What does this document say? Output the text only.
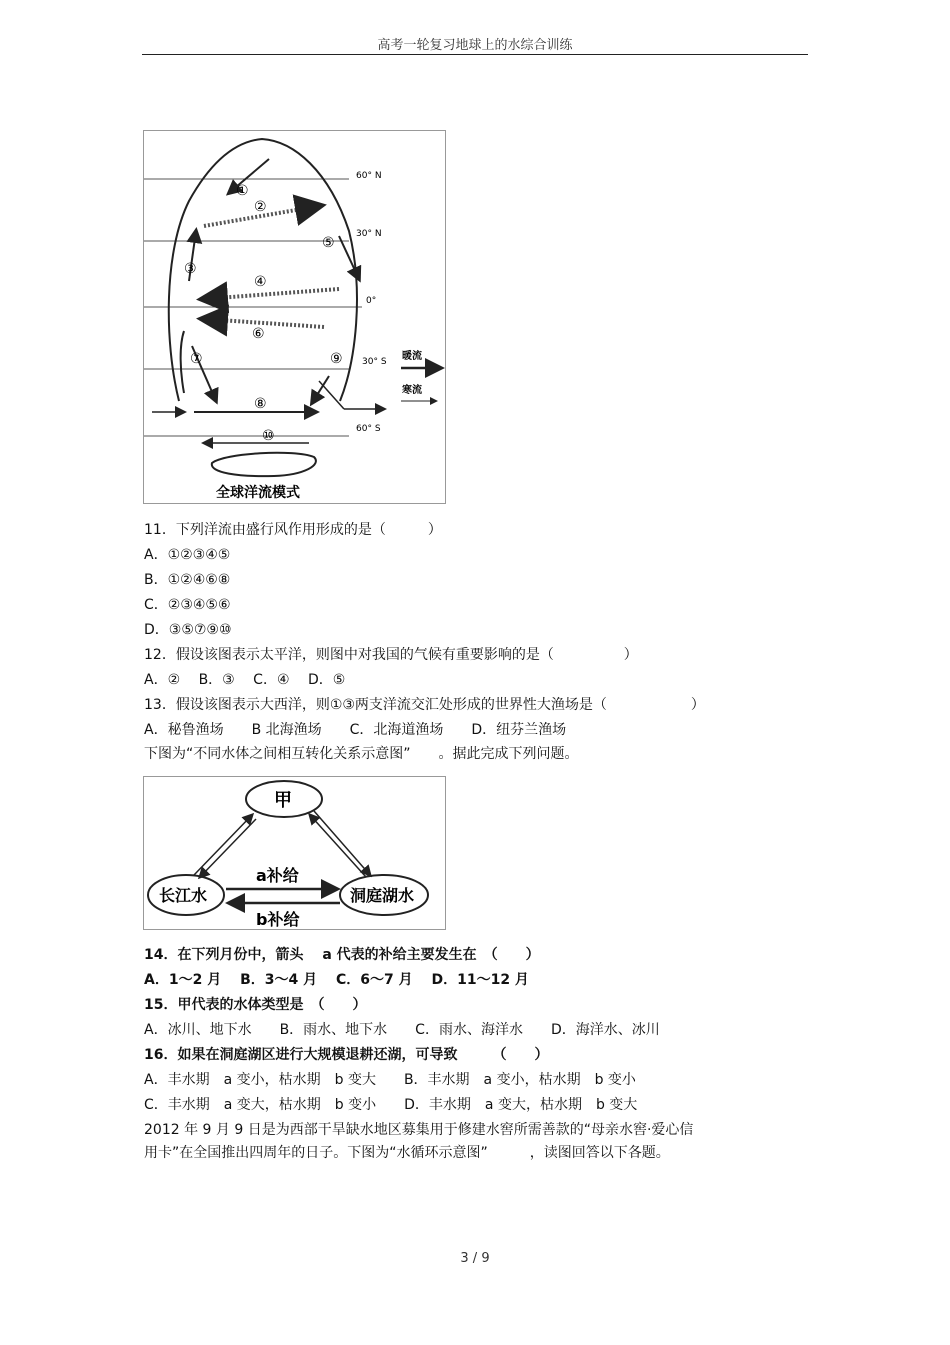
高考一轮复习地球上的水综合训练
①
②
③
④
⑤
⑥
⑦
⑧
⑨
⑩
60° N
30° N
0°
30° S
60° S
暖流
寒流
全球洋流模式
11．下列洋流由盛行风作用形成的是（　　　）
A．①②③④⑤
B．①②④⑥⑧
C．②③④⑤⑥
D．③⑤⑦⑨⑩
12．假设该图表示太平洋，则图中对我国的气候有重要影响的是（　　　　　）
A．②　 B．③　 C．④　 D．⑤
13．假设该图表示大西洋，则①③两支洋流交汇处形成的世界性大渔场是（　　　　　　）
A．秘鲁渔场　　B 北海渔场　　C．北海道渔场　　D．纽芬兰渔场
下图为“不同水体之间相互转化关系示意图”　　。据此完成下列问题。
甲
长江水	洞庭湖水
a补给
b补给
14．在下列月份中，箭头　 a 代表的补给主要发生在　（　　）
A．1～2 月　 B．3～4 月　 C．6～7 月　 D．11～12 月
15．甲代表的水体类型是　（　　）
A．冰川、地下水　　B．雨水、地下水　　C．雨水、海洋水　　D．海洋水、冰川
16．如果在洞庭湖区进行大规模退耕还湖，可导致　　　（　　）
A．丰水期　a 变小，枯水期　b 变大　　B．丰水期　a 变小，枯水期　b 变小
C．丰水期　a 变大，枯水期　b 变小　　D．丰水期　a 变大，枯水期　b 变大
2012 年 9 月 9 日是为西部干旱缺水地区募集用于修建水窖所需善款的“母亲水窖·爱心信
用卡”在全国推出四周年的日子。下图为“水循环示意图”　　　，读图回答以下各题。
3 / 9
